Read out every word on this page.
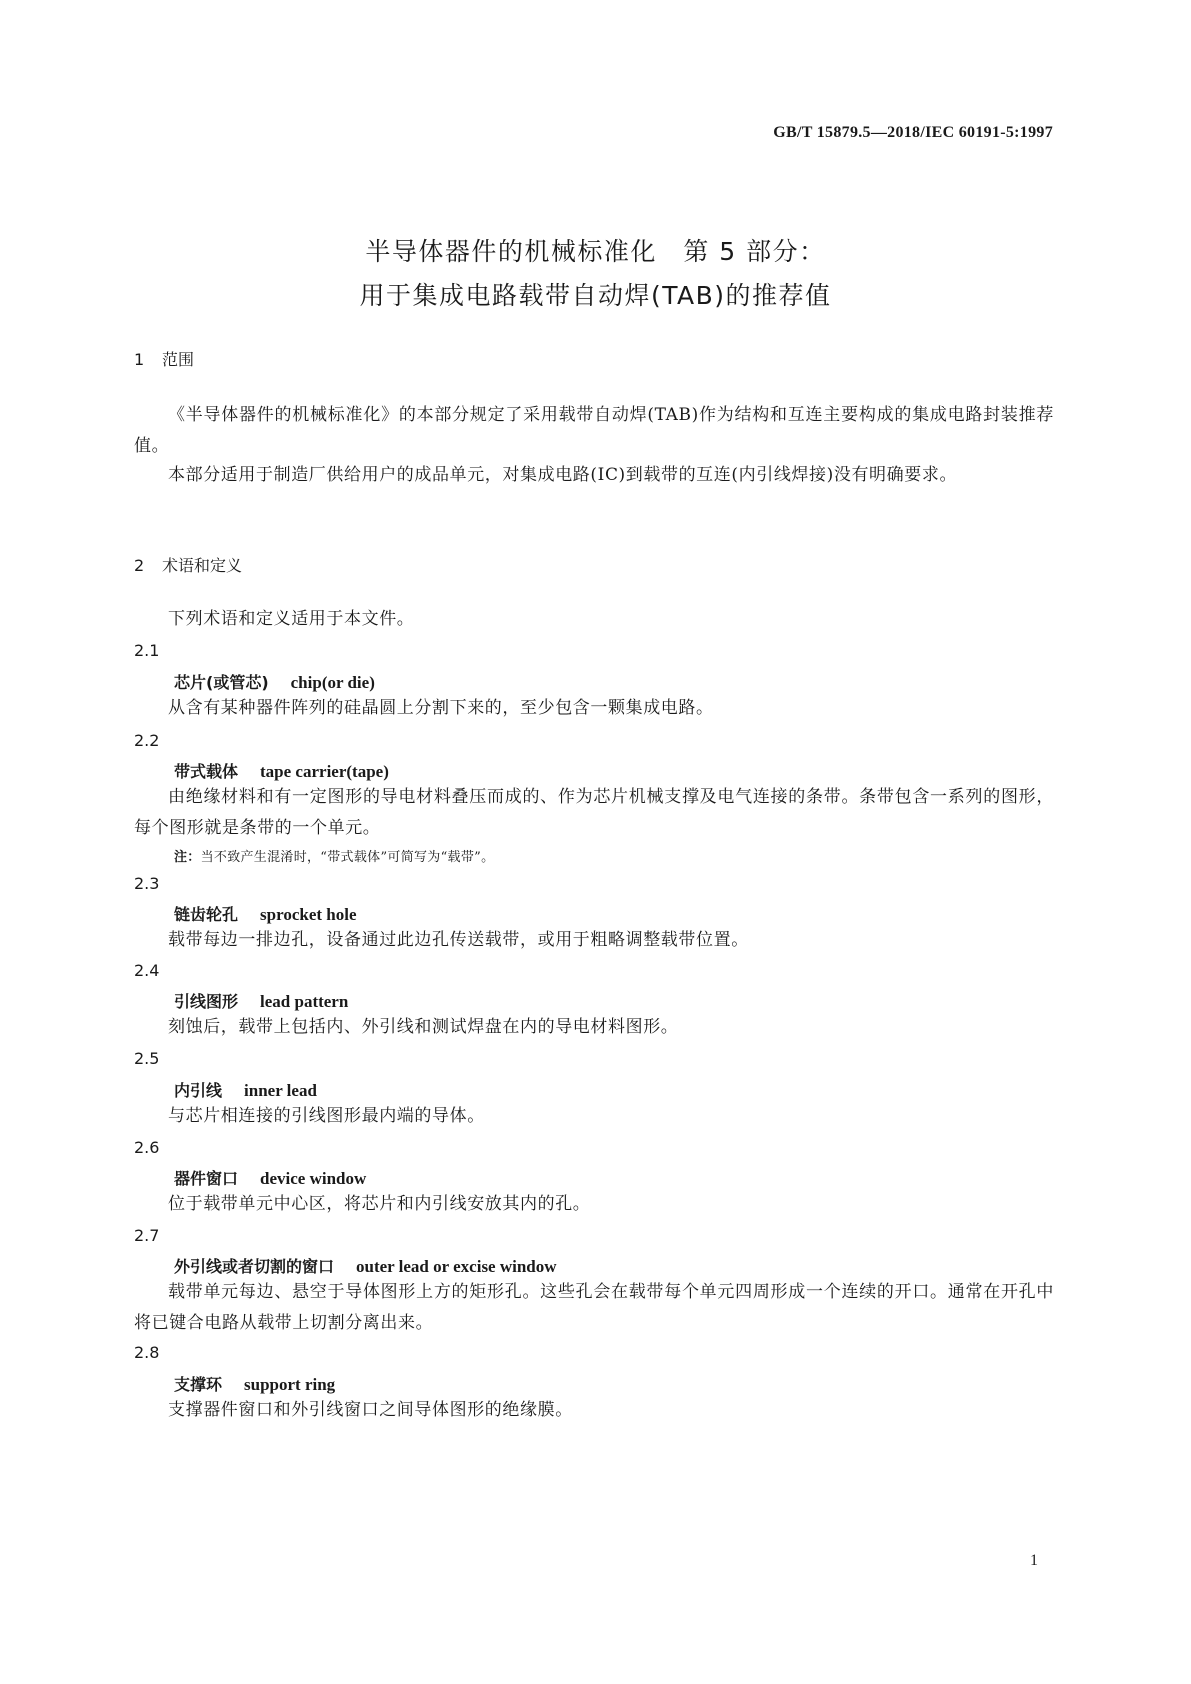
GB/T 15879.5—2018/IEC 60191-5:1997
半导体器件的机械标准化　第 5 部分：
用于集成电路载带自动焊(TAB)的推荐值
1 范围

《半导体器件的机械标准化》的本部分规定了采用载带自动焊(TAB)作为结构和互连主要构成的集成电路封装推荐值。

本部分适用于制造厂供给用户的成品单元，对集成电路(IC)到载带的互连(内引线焊接)没有明确要求。

2 术语和定义

下列术语和定义适用于本文件。

2.1
芯片(或管芯) chip(or die)

从含有某种器件阵列的硅晶圆上分割下来的，至少包含一颗集成电路。

2.2
带式载体 tape carrier(tape)

由绝缘材料和有一定图形的导电材料叠压而成的、作为芯片机械支撑及电气连接的条带。条带包含一系列的图形，每个图形就是条带的一个单元。

注：当不致产生混淆时，“带式载体”可简写为“载带”。
2.3
链齿轮孔 sprocket hole

载带每边一排边孔，设备通过此边孔传送载带，或用于粗略调整载带位置。

2.4
引线图形 lead pattern

刻蚀后，载带上包括内、外引线和测试焊盘在内的导电材料图形。

2.5
内引线 inner lead

与芯片相连接的引线图形最内端的导体。

2.6
器件窗口 device window

位于载带单元中心区，将芯片和内引线安放其内的孔。

2.7
外引线或者切割的窗口 outer lead or excise window

载带单元每边、悬空于导体图形上方的矩形孔。这些孔会在载带每个单元四周形成一个连续的开口。通常在开孔中将已键合电路从载带上切割分离出来。

2.8
支撑环 support ring

支撑器件窗口和外引线窗口之间导体图形的绝缘膜。

1
